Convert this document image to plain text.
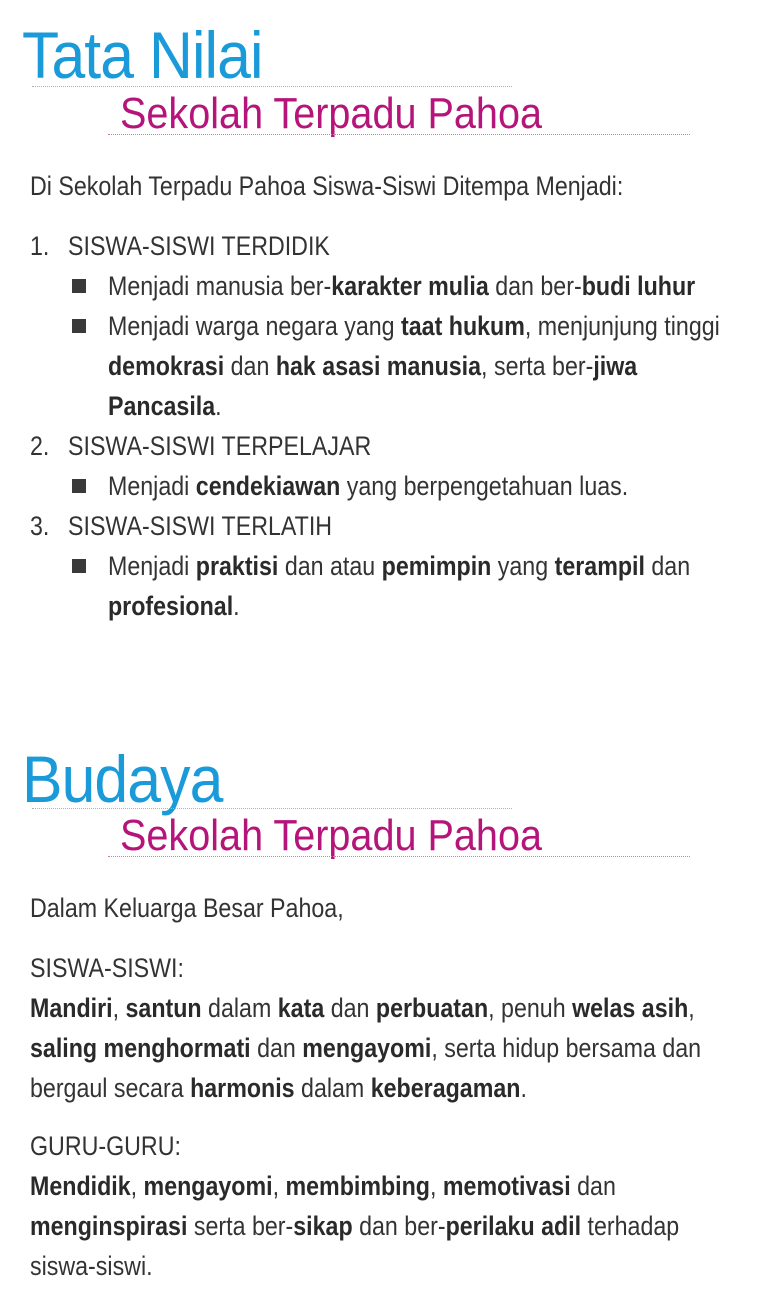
Tata Nilai
Sekolah Terpadu Pahoa
Di Sekolah Terpadu Pahoa Siswa-Siswi Ditempa Menjadi:
1. SISWA-SISWI TERDIDIK
Menjadi manusia ber-karakter mulia dan ber-budi luhur
Menjadi warga negara yang taat hukum, menjunjung tinggi
demokrasi dan hak asasi manusia, serta ber-jiwa
Pancasila.
2. SISWA-SISWI TERPELAJAR
Menjadi cendekiawan yang berpengetahuan luas.
3. SISWA-SISWI TERLATIH
Menjadi praktisi dan atau pemimpin yang terampil dan
profesional.
Budaya
Sekolah Terpadu Pahoa
Dalam Keluarga Besar Pahoa,
SISWA-SISWI:
Mandiri, santun dalam kata dan perbuatan, penuh welas asih,
saling menghormati dan mengayomi, serta hidup bersama dan
bergaul secara harmonis dalam keberagaman.
GURU-GURU:
Mendidik, mengayomi, membimbing, memotivasi dan
menginspirasi serta ber-sikap dan ber-perilaku adil terhadap
siswa-siswi.
